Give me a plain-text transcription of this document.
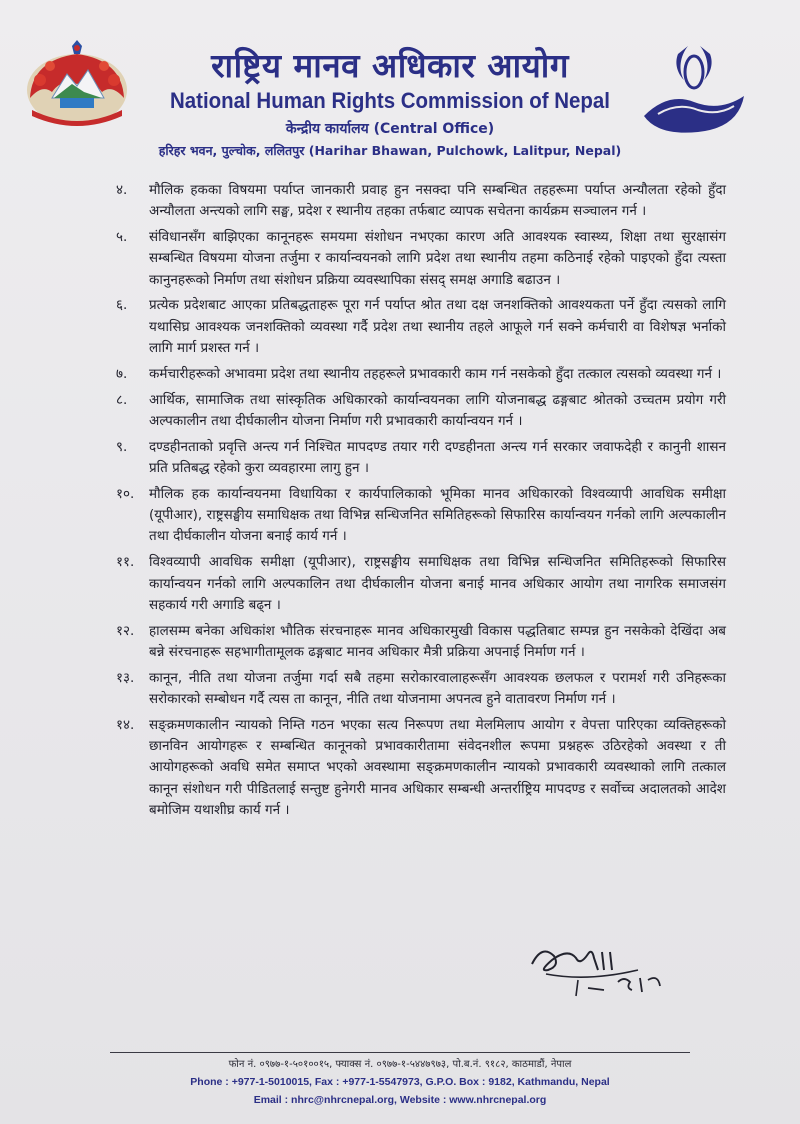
राष्ट्रिय मानव अधिकार आयोग
National Human Rights Commission of Nepal
केन्द्रीय कार्यालय (Central Office)
हरिहर भवन, पुल्चोक, ललितपुर (Harihar Bhawan, Pulchowk, Lalitpur, Nepal)
४.	मौलिक हकका विषयमा पर्याप्त जानकारी प्रवाह हुन नसक्दा पनि सम्बन्धित तहहरूमा पर्याप्त अन्यौलता रहेको हुँदा अन्यौलता अन्त्यको लागि सङ्घ, प्रदेश र स्थानीय तहका तर्फबाट व्यापक सचेतना कार्यक्रम सञ्चालन गर्न ।
५.	संविधानसँग बाझिएका कानूनहरू समयमा संशोधन नभएका कारण अति आवश्यक स्वास्थ्य, शिक्षा तथा सुरक्षासंग सम्बन्धित विषयमा योजना तर्जुमा र कार्यान्वयनको लागि प्रदेश तथा स्थानीय तहमा कठिनाई रहेको पाइएको हुँदा त्यस्ता कानुनहरूको निर्माण तथा संशोधन प्रक्रिया व्यवस्थापिका संसद् समक्ष अगाडि बढाउन ।
६.	प्रत्येक प्रदेशबाट आएका प्रतिबद्धताहरू पूरा गर्न पर्याप्त श्रोत तथा दक्ष जनशक्तिको आवश्यकता पर्ने हुँदा त्यसको लागि यथासिघ्र आवश्यक जनशक्तिको व्यवस्था गर्दै प्रदेश तथा स्थानीय तहले आफूले गर्न सक्ने कर्मचारी वा विशेषज्ञ भर्नाको लागि मार्ग प्रशस्त गर्न ।
७.	कर्मचारीहरूको अभावमा प्रदेश तथा स्थानीय तहहरूले प्रभावकारी काम गर्न नसकेको हुँदा तत्काल त्यसको व्यवस्था गर्न ।
८.	आर्थिक, सामाजिक तथा सांस्कृतिक अधिकारको कार्यान्वयनका लागि योजनाबद्ध ढङ्गबाट श्रोतको उच्चतम प्रयोग गरी अल्पकालीन तथा दीर्घकालीन योजना निर्माण गरी प्रभावकारी कार्यान्वयन गर्न ।
९.	दण्डहीनताको प्रवृत्ति अन्त्य गर्न निश्चित मापदण्ड तयार गरी दण्डहीनता अन्त्य गर्न सरकार जवाफदेही र कानुनी शासन प्रति प्रतिबद्ध रहेको कुरा व्यवहारमा लागु हुन ।
१०.	मौलिक हक कार्यान्वयनमा विधायिका र कार्यपालिकाको भूमिका मानव अधिकारको विश्वव्यापी आवधिक समीक्षा (यूपीआर), राष्ट्रसङ्घीय समाधिक्षक तथा विभिन्न सन्धिजनित समितिहरूको सिफारिस कार्यान्वयन गर्नको लागि अल्पकालीन तथा दीर्घकालीन योजना बनाई कार्य गर्न ।
११.	विश्वव्यापी आवधिक समीक्षा (यूपीआर), राष्ट्रसङ्घीय समाधिक्षक तथा विभिन्न सन्धिजनित समितिहरूको सिफारिस कार्यान्वयन गर्नको लागि अल्पकालिन तथा दीर्घकालीन योजना बनाई मानव अधिकार आयोग तथा नागरिक समाजसंग सहकार्य गरी अगाडि बढ्न ।
१२.	हालसम्म बनेका अधिकांश भौतिक संरचनाहरू मानव अधिकारमुखी विकास पद्धतिबाट सम्पन्न हुन नसकेको देखिंदा अब बन्ने संरचनाहरू सहभागीतामूलक ढङ्गबाट मानव अधिकार मैत्री प्रक्रिया अपनाई निर्माण गर्न ।
१३.	कानून, नीति तथा योजना तर्जुमा गर्दा सबै तहमा सरोकारवालाहरूसँग आवश्यक छलफल र परामर्श गरी उनिहरूका सरोकारको सम्बोधन गर्दै त्यस ता कानून, नीति तथा योजनामा अपनत्व हुने वातावरण निर्माण गर्न ।
१४.	सङ्क्रमणकालीन न्यायको निम्ति गठन भएका सत्य निरूपण तथा मेलमिलाप आयोग र वेपत्ता पारिएका व्यक्तिहरूको छानविन आयोगहरू र सम्बन्धित कानूनको प्रभावकारीतामा संवेदनशील रूपमा प्रश्नहरू उठिरहेको अवस्था र ती आयोगहरूको अवधि समेत समाप्त भएको अवस्थामा सङ्क्रमणकालीन न्यायको प्रभावकारी व्यवस्थाको लागि तत्काल कानून संशोधन गरी पीडितलाई सन्तुष्ट हुनेगरी मानव अधिकार सम्बन्धी अन्तर्राष्ट्रिय मापदण्ड र सर्वोच्च अदालतको आदेश बमोजिम यथाशीघ्र कार्य गर्न ।
फोन नं. ०९७७-१-५०१००१५, फ्याक्स नं. ०९७७-१-५४४७९७३, पो.ब.नं. ९१८२, काठमाडौं, नेपाल
Phone : +977-1-5010015, Fax : +977-1-5547973, G.P.O. Box : 9182, Kathmandu, Nepal
Email : nhrc@nhrcnepal.org, Website : www.nhrcnepal.org
